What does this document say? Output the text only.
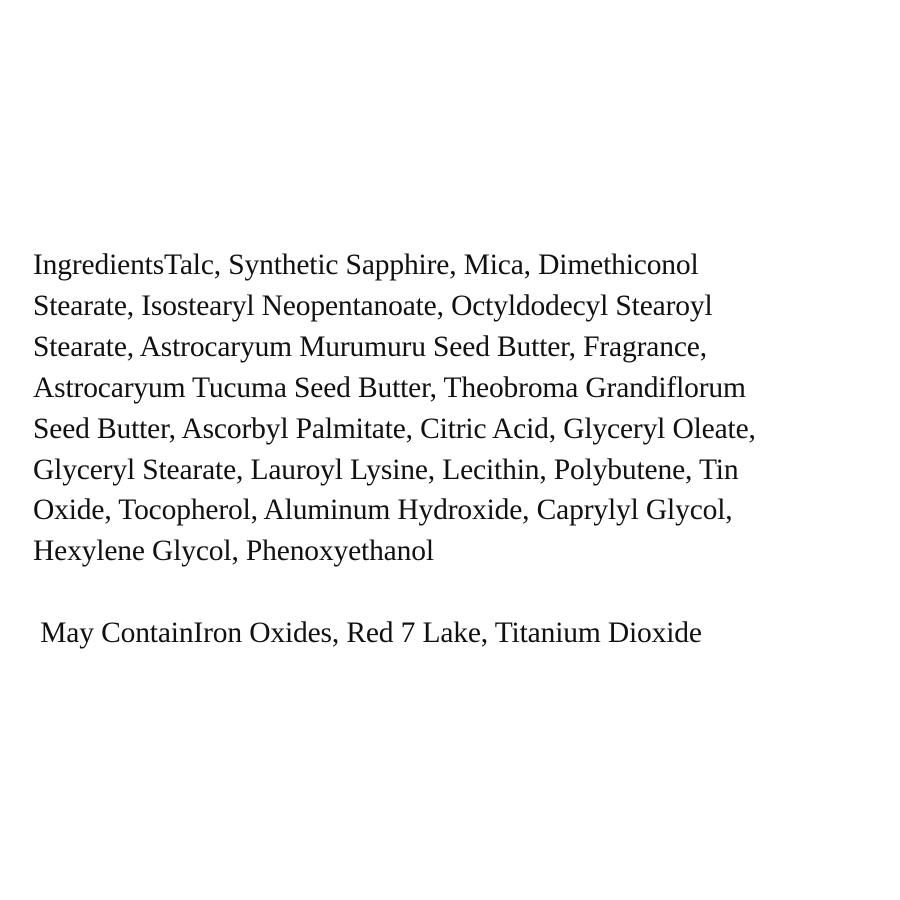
IngredientsTalc, Synthetic Sapphire, Mica, Dimethiconol
Stearate, Isostearyl Neopentanoate, Octyldodecyl Stearoyl
Stearate, Astrocaryum Murumuru Seed Butter, Fragrance,
Astrocaryum Tucuma Seed Butter, Theobroma Grandiflorum
Seed Butter, Ascorbyl Palmitate, Citric Acid, Glyceryl Oleate,
Glyceryl Stearate, Lauroyl Lysine, Lecithin, Polybutene, Tin
Oxide, Tocopherol, Aluminum Hydroxide, Caprylyl Glycol,
Hexylene Glycol, Phenoxyethanol
May ContainIron Oxides, Red 7 Lake, Titanium Dioxide
